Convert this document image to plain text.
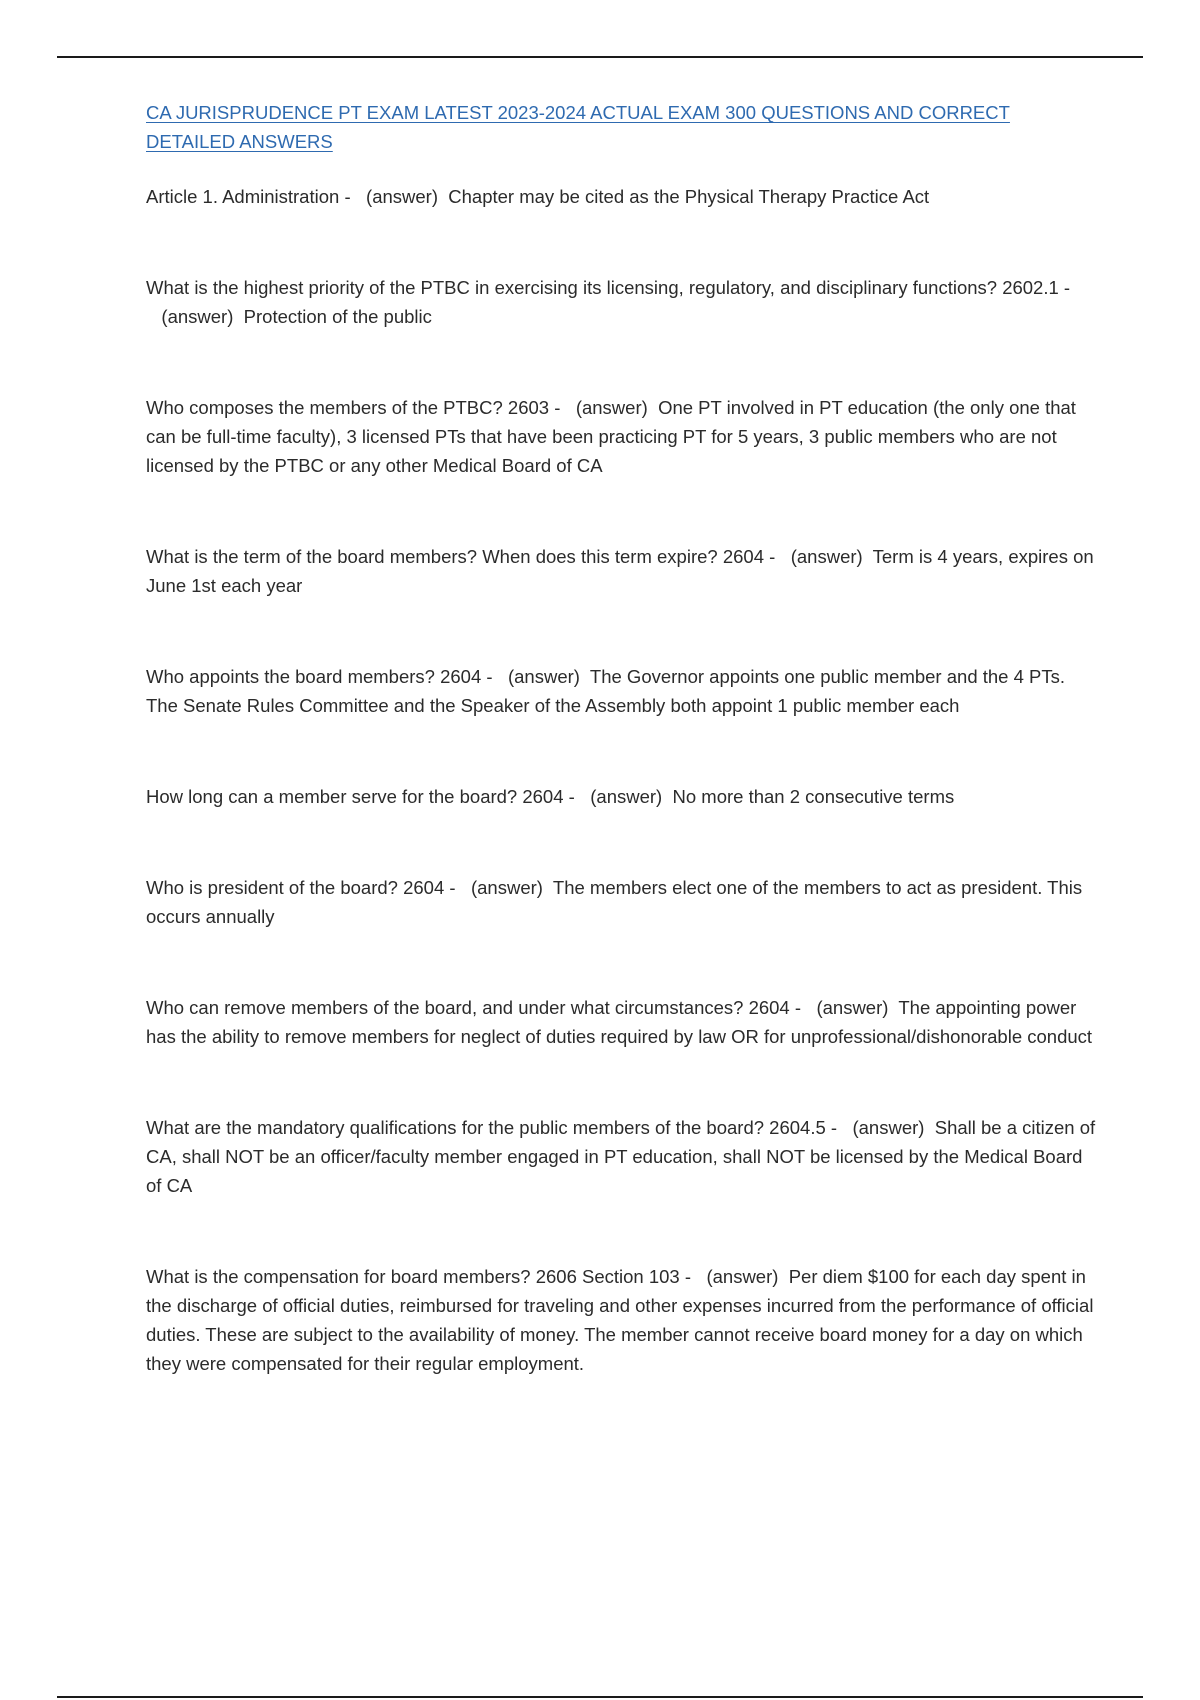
CA JURISPRUDENCE PT EXAM LATEST 2023-2024 ACTUAL EXAM 300 QUESTIONS AND CORRECT DETAILED ANSWERS

Article 1. Administration - (answer) Chapter may be cited as the Physical Therapy Practice Act

What is the highest priority of the PTBC in exercising its licensing, regulatory, and disciplinary functions? 2602.1 -   (answer) Protection of the public

Who composes the members of the PTBC? 2603 - (answer) One PT involved in PT education (the only one that can be full-time faculty), 3 licensed PTs that have been practicing PT for 5 years, 3 public members who are not licensed by the PTBC or any other Medical Board of CA

What is the term of the board members? When does this term expire? 2604 - (answer) Term is 4 years, expires on June 1st each year

Who appoints the board members? 2604 - (answer) The Governor appoints one public member and the 4 PTs. The Senate Rules Committee and the Speaker of the Assembly both appoint 1 public member each

How long can a member serve for the board? 2604 - (answer) No more than 2 consecutive terms

Who is president of the board? 2604 - (answer) The members elect one of the members to act as president. This occurs annually

Who can remove members of the board, and under what circumstances? 2604 - (answer) The appointing power has the ability to remove members for neglect of duties required by law OR for unprofessional/dishonorable conduct

What are the mandatory qualifications for the public members of the board? 2604.5 - (answer) Shall be a citizen of CA, shall NOT be an officer/faculty member engaged in PT education, shall NOT be licensed by the Medical Board of CA

What is the compensation for board members? 2606 Section 103 - (answer) Per diem $100 for each day spent in the discharge of official duties, reimbursed for traveling and other expenses incurred from the performance of official duties. These are subject to the availability of money. The member cannot receive board money for a day on which they were compensated for their regular employment.
